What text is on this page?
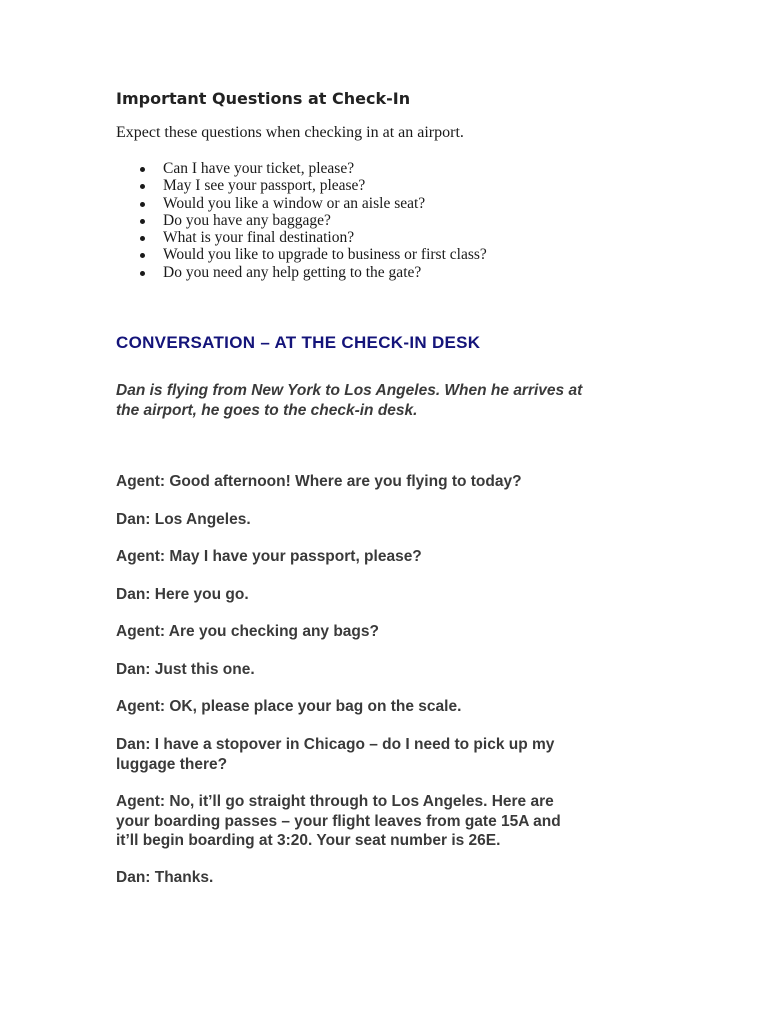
Important Questions at Check-In

Expect these questions when checking in at an airport.

Can I have your ticket, please?
May I see your passport, please?
Would you like a window or an aisle seat?
Do you have any baggage?
What is your final destination?
Would you like to upgrade to business or first class?
Do you need any help getting to the gate?
CONVERSATION – AT THE CHECK-IN DESK

Dan is flying from New York to Los Angeles. When he arrives at
the airport, he goes to the check-in desk.

Agent: Good afternoon! Where are you flying to today?

Dan: Los Angeles.

Agent: May I have your passport, please?

Dan: Here you go.

Agent: Are you checking any bags?

Dan: Just this one.

Agent: OK, please place your bag on the scale.

Dan: I have a stopover in Chicago – do I need to pick up my
luggage there?

Agent: No, it’ll go straight through to Los Angeles. Here are
your boarding passes – your flight leaves from gate 15A and
it’ll begin boarding at 3:20. Your seat number is 26E.

Dan: Thanks.
